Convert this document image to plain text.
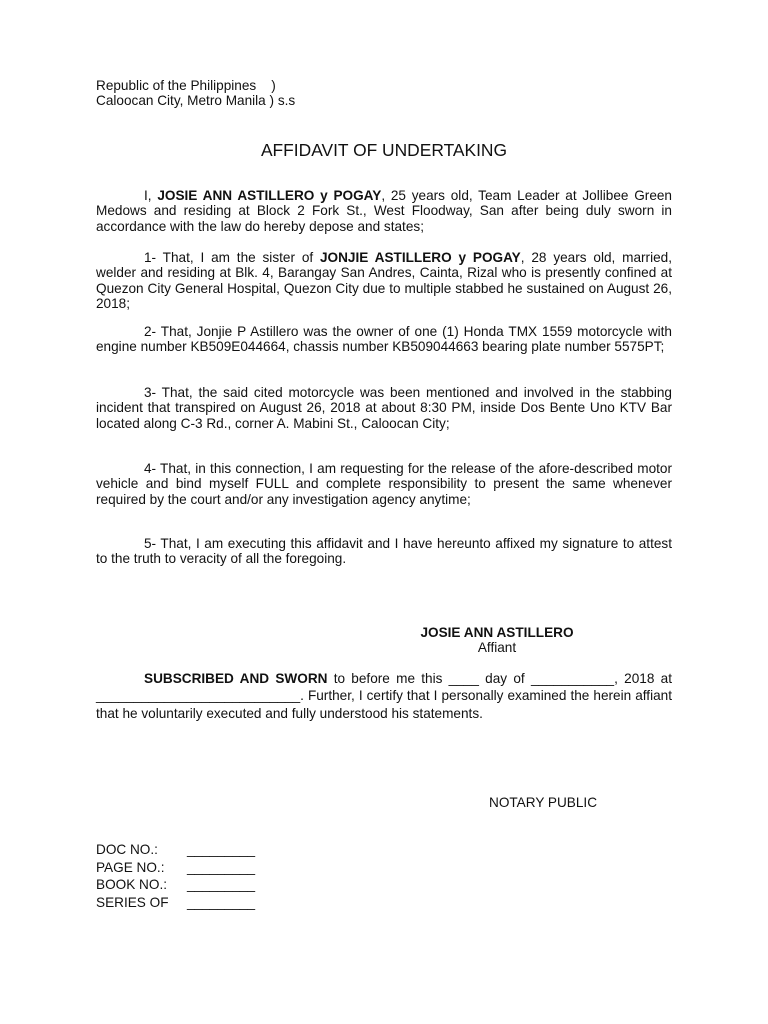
Republic of the Philippines    )
Caloocan City, Metro Manila ) s.s
AFFIDAVIT OF UNDERTAKING
I, JOSIE ANN ASTILLERO y POGAY, 25 years old, Team Leader at Jollibee Green Medows and residing at Block 2 Fork St., West Floodway, San after being duly sworn in accordance with the law do hereby depose and states;
1- That, I am the sister of JONJIE ASTILLERO y POGAY, 28 years old, married, welder and residing at Blk. 4, Barangay San Andres, Cainta, Rizal who is presently confined at Quezon City General Hospital, Quezon City due to multiple stabbed he sustained on August 26, 2018;
2- That, Jonjie P Astillero was the owner of one (1) Honda TMX 1559 motorcycle with engine number KB509E044664, chassis number KB509044663 bearing plate number 5575PT;
3- That, the said cited motorcycle was been mentioned and involved in the stabbing incident that transpired on August 26, 2018 at about 8:30 PM, inside Dos Bente Uno KTV Bar located along C-3 Rd., corner A. Mabini St., Caloocan City;
4- That, in this connection, I am requesting for the release of the afore-described motor vehicle and bind myself FULL and complete responsibility to present the same whenever required by the court and/or any investigation agency anytime;
5- That, I am executing this affidavit and I have hereunto affixed my signature to attest to the truth to veracity of all the foregoing.
JOSIE ANN ASTILLERO
Affiant
SUBSCRIBED AND SWORN to before me this ____ day of ___________, 2018 at ___________________________. Further, I certify that I personally examined the herein affiant that he voluntarily executed and fully understood his statements.
NOTARY PUBLIC
DOC NO.:	_________
PAGE NO.:	_________
BOOK NO.:	_________
SERIES OF	_________
